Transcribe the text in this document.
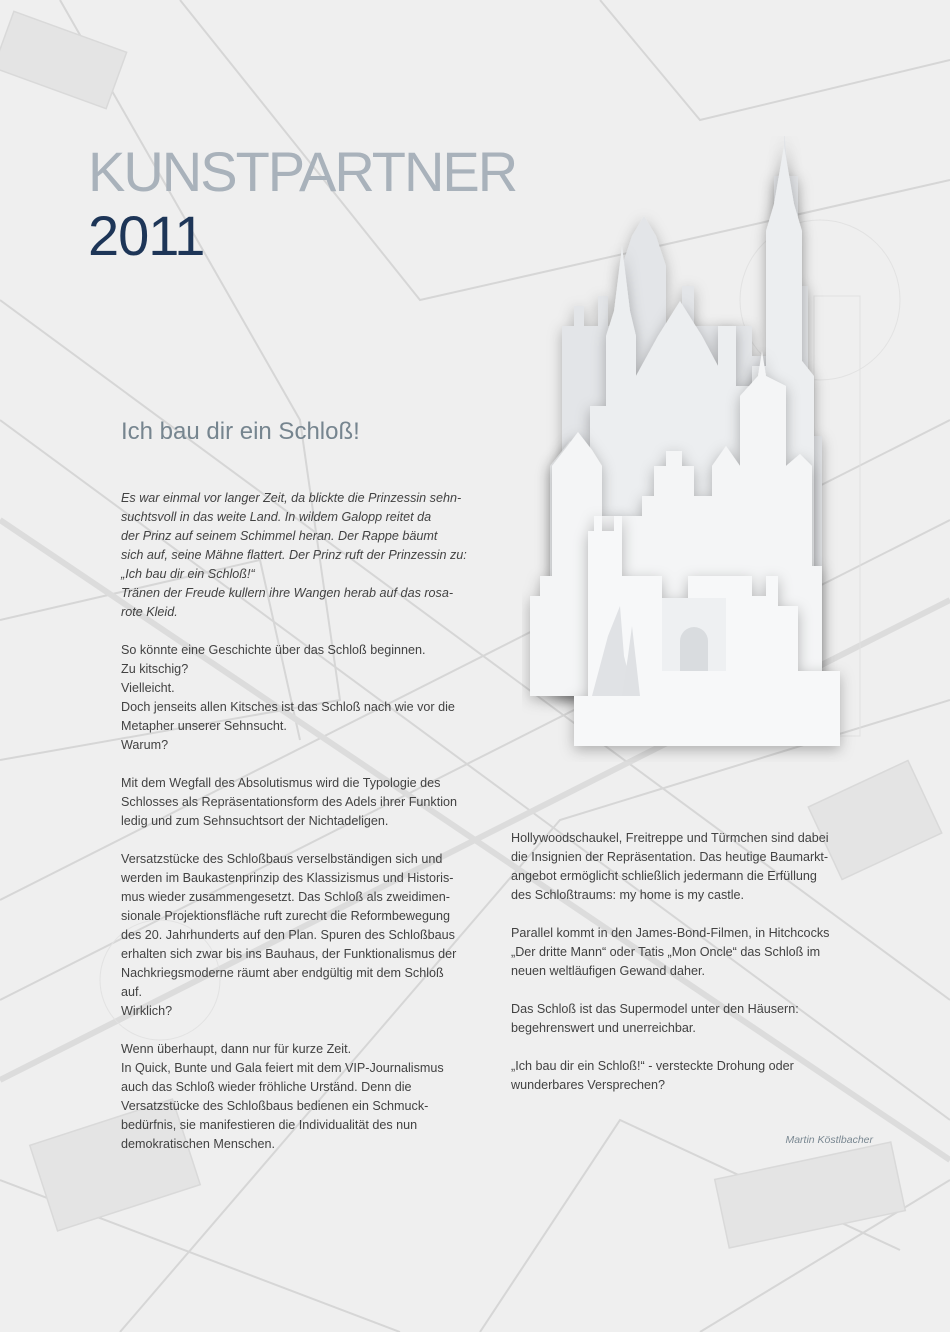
KUNSTPARTNER
2011
Ich bau dir ein Schloß!

Es war einmal vor langer Zeit, da blickte die Prinzessin sehn-
suchtsvoll in das weite Land. In wildem Galopp reitet da
der Prinz auf seinem Schimmel heran. Der Rappe bäumt
sich auf, seine Mähne flattert. Der Prinz ruft der Prinzessin zu:
„Ich bau dir ein Schloß!“
Tränen der Freude kullern ihre Wangen herab auf das rosa-
rote Kleid.

So könnte eine Geschichte über das Schloß beginnen.
Zu kitschig?
Vielleicht.
Doch jenseits allen Kitsches ist das Schloß nach wie vor die
Metapher unserer Sehnsucht.
Warum?

Mit dem Wegfall des Absolutismus wird die Typologie des
Schlosses als Repräsentationsform des Adels ihrer Funktion
ledig und zum Sehnsuchtsort der Nichtadeligen.

Versatzstücke des Schloßbaus verselbständigen sich und
werden im Baukastenprinzip des Klassizismus und Historis-
mus wieder zusammengesetzt. Das Schloß als zweidimen-
sionale Projektionsfläche ruft zurecht die Reformbewegung
des 20. Jahrhunderts auf den Plan. Spuren des Schloßbaus
erhalten sich zwar bis ins Bauhaus, der Funktionalismus der
Nachkriegsmoderne räumt aber endgültig mit dem Schloß
auf.
Wirklich?

Wenn überhaupt, dann nur für kurze Zeit.
In Quick, Bunte und Gala feiert mit dem VIP-Journalismus
auch das Schloß wieder fröhliche Urständ. Denn die
Versatzstücke des Schloßbaus bedienen ein Schmuck-
bedürfnis, sie manifestieren die Individualität des nun
demokratischen Menschen.

Hollywoodschaukel, Freitreppe und Türmchen sind dabei
die Insignien der Repräsentation. Das heutige Baumarkt-
angebot ermöglicht schließlich jedermann die Erfüllung
des Schloßtraums: my home is my castle.

Parallel kommt in den James-Bond-Filmen, in Hitchcocks
„Der dritte Mann“ oder Tatis „Mon Oncle“ das Schloß im
neuen weltläufigen Gewand daher.

Das Schloß ist das Supermodel unter den Häusern:
begehrenswert und unerreichbar.

„Ich bau dir ein Schloß!“ - versteckte Drohung oder
wunderbares Versprechen?

Martin Köstlbacher
